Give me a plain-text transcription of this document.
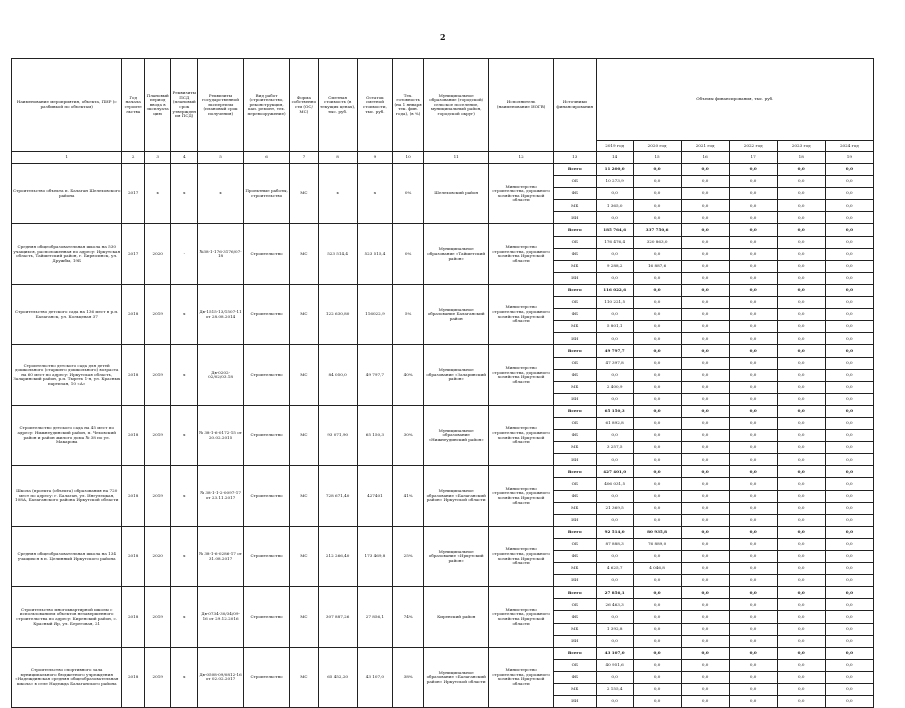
2
Наименование мероприятия, объекта, ПИР (с разбивкой по объектам)	Год начала строительства	Плановый период ввода в эксплуатацию	Реквизиты ПСД (плановый срок утверждения ПСД)	Реквизиты государственной экспертизы (плановый срок получения)	Вид работ (строительство, реконструкция, кап. ремонт, тех. перевооружение)	Форма собственности (ОС/МС)	Сметная стоимость (в текущих ценах), тыс. руб.	Остаток сметной стоимости, тыс. руб.	Тех. готовность (на 1 января тек. фин. года), (в %)	Муниципальное образование (городской/сельское поселение, муниципальный район, городской округ)	Исполнитель (наименование ИОГВ)	Источники финансирования	Объемы финансирования, тыс. руб.					
													2019 год	2020 год	2021 год	2022 год	2023 год	2024 год
1	2	3	4	5	6	7	8	9	10	11	12	13	14	15	16	17	18	19
Строительство объекта п. Балаган Шелеховского района	2017	х	х	х	Проектные работы, строительство	МС	х	х	0%	Шелеховский район	Министерство строительства, дорожного хозяйства Иркутской области	Всего	11 200,0	0,0	0,0	0,0	0,0	0,0
												ОБ	10 273,9	0,0	0,0	0,0	0,0	0,0
												ФБ	0,0	0,0	0,0	0,0	0,0	0,0
												МБ	1 365,0	0,0	0,0	0,0	0,0	0,0
												ИИ	0,0	0,0	0,0	0,0	0,0	0,0
Средняя общеобразовательная школа на 530 учащихся, расположенная по адресу: Иркутская область, Тайшетский район, г. Бирюсинск, ул. Дружбы, 19Б	2017	2020	-	№38-1-176-3176/07-18	Строительство	МС	523 514,4	523 515,4	0%	Муниципальное образование «Тайшетский район»	Министерство строительства, дорожного хозяйства Иркутской области	Всего	185 764,6	337 750,6	0,0	0,0	0,0	0,0
												ОБ	176 476,4	320 863,0	0,0	0,0	0,0	0,0
												ФБ	0,0	0,0	0,0	0,0	0,0	0,0
												МБ	9 288,2	16 887,6	0,0	0,0	0,0	0,0
												ИИ	0,0	0,0	0,0	0,0	0,0	0,0
Строительство детского сада на 136 мест в р.п. Балаганск, ул. Кольцевая 37	2018	2019	х	Дв-1515-13/1507-11 от 28.08.2014	Строительство	МС	122 630,80	116022,9	5%	Муниципальное образование Балаганский район	Министерство строительства, дорожного хозяйства Иркутской области	Всего	116 022,6	0,0	0,0	0,0	0,0	0,0
												ОБ	110 221,5	0,0	0,0	0,0	0,0	0,0
												ФБ	0,0	0,0	0,0	0,0	0,0	0,0
												МБ	5 801,1	0,0	0,0	0,0	0,0	0,0
												ИИ	0,0	0,0	0,0	0,0	0,0	0,0
Строительство детского сада для детей дошкольного (старшего дошкольного) возраста на 60 мест по адресу: Иркутская область, Заларинский район, р.п. Тыреть 1-я, ул. Красных партизан, 10 «А»	2018	2019	х	Дв-0202-02/02/03.18	Строительство	МС	84 050,0	49 797,7	40%	Муниципальное образование «Заларинский район»	Министерство строительства, дорожного хозяйства Иркутской области	Всего	49 797,7	0,0	0,0	0,0	0,0	0,0
												ОБ	47 397,8	0,0	0,0	0,0	0,0	0,0
												ФБ	0,0	0,0	0,0	0,0	0,0	0,0
												МБ	2 400,9	0,0	0,0	0,0	0,0	0,0
												ИИ	0,0	0,0	0,0	0,0	0,0	0,0
Строительство детского сада на 45 мест по адресу: Нижнеудинский район, п. Чеховский район и район жилого дома № 38 по ул. Макарова	2018	2019	х	№ 38-1-6-0172-15 от 20.02.2015	Строительство	МС	93 071,90	65 150,3	30%	Муниципальное образование «Нижнеудинский район»	Министерство строительства, дорожного хозяйства Иркутской области	Всего	65 150,3	0,0	0,0	0,0	0,0	0,0
												ОБ	61 892,8	0,0	0,0	0,0	0,0	0,0
												ФБ	0,0	0,0	0,0	0,0	0,0	0,0
												МБ	3 257,5	0,0	0,0	0,0	0,0	0,0
												ИИ	0,0	0,0	0,0	0,0	0,0	0,0
Школа (проекта (объекта) образования на 720 мест по адресу: г. Балаган, ул. Ингулецкая, 108А, Балаганского района Иркутской области	2018	2019	х	№ 38-1-1-2-0097-17 от 23.11.2017	Строительство	МС	728 671,40	427401	41%	Муниципальное образование «Балаганский район» Иркутской области	Министерство строительства, дорожного хозяйства Иркутской области	Всего	427 401,0	0,0	0,0	0,0	0,0	0,0
												ОБ	406 031,5	0,0	0,0	0,0	0,0	0,0
												ФБ	0,0	0,0	0,0	0,0	0,0	0,0
												МБ	21 369,5	0,0	0,0	0,0	0,0	0,0
												ИИ	0,0	0,0	0,0	0,0	0,0	0,0
Средняя общеобразовательная школа на 134 учащихся в п. Целинный Иркутского района	2018	2020	х	№ 38-1-6-0286-17 от 31.08.2017	Строительство	МС	212 266,40	173 469,8	25%	Муниципальное образование «Иркутский район»	Министерство строительства, дорожного хозяйства Иркутской области	Всего	92 514,0	80 935,8	0,0	0,0	0,0	0,0
												ОБ	87 888,3	76 889,0	0,0	0,0	0,0	0,0
												ФБ	0,0	0,0	0,0	0,0	0,0	0,0
												МБ	4 625,7	4 046,8	0,0	0,0	0,0	0,0
												ИИ	0,0	0,0	0,0	0,0	0,0	0,0
Строительство многоквартирной школы с использованием объектов незавершенного строительства по адресу: Киренский район, с. Красный Яр, ул. Береговая, 21	2018	2019	х	Дв-0734-30/34/09-16 от 29.12.2016	Строительство	МС	307 887,26	27 856,1	74%	Киренский район	Министерство строительства, дорожного хозяйства Иркутской области	Всего	27 856,1	0,0	0,0	0,0	0,0	0,0
												ОБ	26 463,3	0,0	0,0	0,0	0,0	0,0
												ФБ	0,0	0,0	0,0	0,0	0,0	0,0
												МБ	1 392,8	0,0	0,0	0,0	0,0	0,0
												ИИ	0,0	0,0	0,0	0,0	0,0	0,0
Строительство спортивного зала муниципального бюджетного учреждения «Надеждинская средняя общеобразовательная школа» в селе Надежда Балаганского района	2018	2019	х	Дв-0508-09/0812-16 от 02.02.2017	Строительство	МС	65 452,20	43 107,0	38%	Муниципальное образование «Балаганский район» Иркутской области	Министерство строительства, дорожного хозяйства Иркутской области	Всего	43 107,0	0,0	0,0	0,0	0,0	0,0
												ОБ	40 951,6	0,0	0,0	0,0	0,0	0,0
												ФБ	0,0	0,0	0,0	0,0	0,0	0,0
												МБ	2 155,4	0,0	0,0	0,0	0,0	0,0
												ИИ	0,0	0,0	0,0	0,0	0,0	0,0
